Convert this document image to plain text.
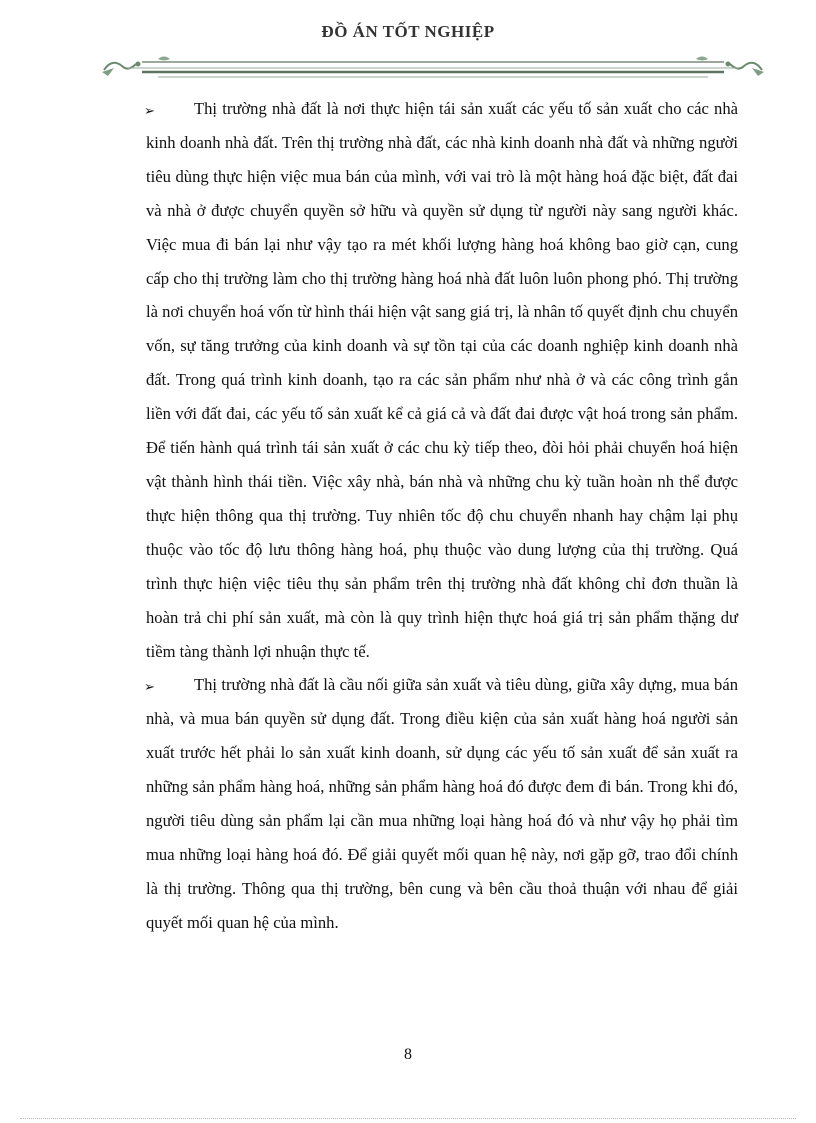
ĐỒ ÁN TỐT NGHIỆP

➢ Thị trường nhà đất là nơi thực hiện tái sản xuất các yếu tố sản xuất cho các nhà kinh doanh nhà đất. Trên thị trường nhà đất, các nhà kinh doanh nhà đất và những người tiêu dùng thực hiện việc mua bán của mình, với vai trò là một hàng hoá đặc biệt, đất đai và nhà ở được chuyển quyền sở hữu và quyền sử dụng từ người này sang người khác. Việc mua đi bán lại như vậy tạo ra mét khối lượng hàng hoá không bao giờ cạn, cung cấp cho thị trường làm cho thị trường hàng hoá nhà đất luôn luôn phong phó. Thị trường là nơi chuyển hoá vốn từ hình thái hiện vật sang giá trị, là nhân tố quyết định chu chuyển vốn, sự tăng trưởng của kinh doanh và sự tồn tại của các doanh nghiệp kinh doanh nhà đất. Trong quá trình kinh doanh, tạo ra các sản phẩm như nhà ở và các công trình gắn liền với đất đai, các yếu tố sản xuất kể cả giá cả và đất đai được vật hoá trong sản phẩm. Để tiến hành quá trình tái sản xuất ở các chu kỳ tiếp theo, đòi hỏi phải chuyển hoá hiện vật thành hình thái tiền. Việc xây nhà, bán nhà và những chu kỳ tuần hoàn nh thể được thực hiện thông qua thị trường. Tuy nhiên tốc độ chu chuyển nhanh hay chậm lại phụ thuộc vào tốc độ lưu thông hàng hoá, phụ thuộc vào dung lượng của thị trường. Quá trình thực hiện việc tiêu thụ sản phẩm trên thị trường nhà đất không chỉ đơn thuần là hoàn trả chi phí sản xuất, mà còn là quy trình hiện thực hoá giá trị sản phẩm thặng dư tiềm tàng thành lợi nhuận thực tế.

➢ Thị trường nhà đất là cầu nối giữa sản xuất và tiêu dùng, giữa xây dựng, mua bán nhà, và mua bán quyền sử dụng đất. Trong điều kiện của sản xuất hàng hoá người sản xuất trước hết phải lo sản xuất kinh doanh, sử dụng các yếu tố sản xuất để sản xuất ra những sản phẩm hàng hoá, những sản phẩm hàng hoá đó được đem đi bán. Trong khi đó, người tiêu dùng sản phẩm lại cần mua những loại hàng hoá đó và như vậy họ phải tìm mua những loại hàng hoá đó. Để giải quyết mối quan hệ này, nơi gặp gỡ, trao đổi chính là thị trường. Thông qua thị trường, bên cung và bên cầu thoả thuận với nhau để giải quyết mối quan hệ của mình.

8
